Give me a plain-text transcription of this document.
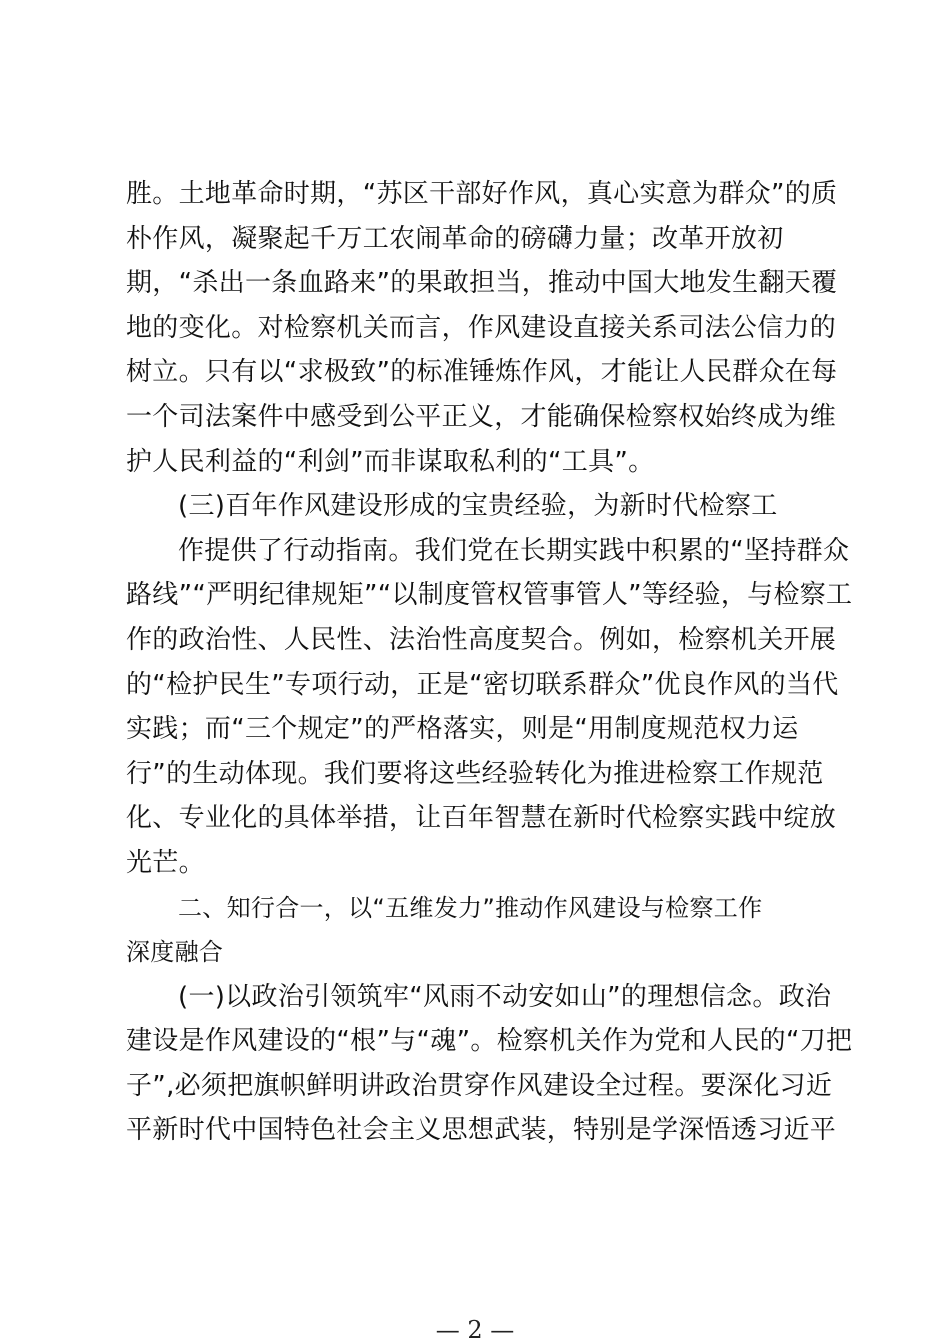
胜。土地革命时期，“苏区干部好作风，真心实意为群众”的质
朴作风，凝聚起千万工农闹革命的磅礴力量；改革开放初
期，“杀出一条血路来”的果敢担当，推动中国大地发生翻天覆
地的变化。对检察机关而言，作风建设直接关系司法公信力的
树立。只有以“求极致”的标准锤炼作风，才能让人民群众在每
一个司法案件中感受到公平正义，才能确保检察权始终成为维
护人民利益的“利剑”而非谋取私利的“工具”。
(三)百年作风建设形成的宝贵经验，为新时代检察工
作提供了行动指南。我们党在长期实践中积累的“坚持群众
路线”“严明纪律规矩”“以制度管权管事管人”等经验，与检察工
作的政治性、人民性、法治性高度契合。例如，检察机关开展
的“检护民生”专项行动，正是“密切联系群众”优良作风的当代
实践；而“三个规定”的严格落实，则是“用制度规范权力运
行”的生动体现。我们要将这些经验转化为推进检察工作规范
化、专业化的具体举措，让百年智慧在新时代检察实践中绽放
光芒。
二、知行合一，以“五维发力”推动作风建设与检察工作
深度融合
(一)以政治引领筑牢“风雨不动安如山”的理想信念。政治
建设是作风建设的“根”与“魂”。检察机关作为党和人民的“刀把
子”,必须把旗帜鲜明讲政治贯穿作风建设全过程。要深化习近
平新时代中国特色社会主义思想武装，特别是学深悟透习近平
— 2 —
